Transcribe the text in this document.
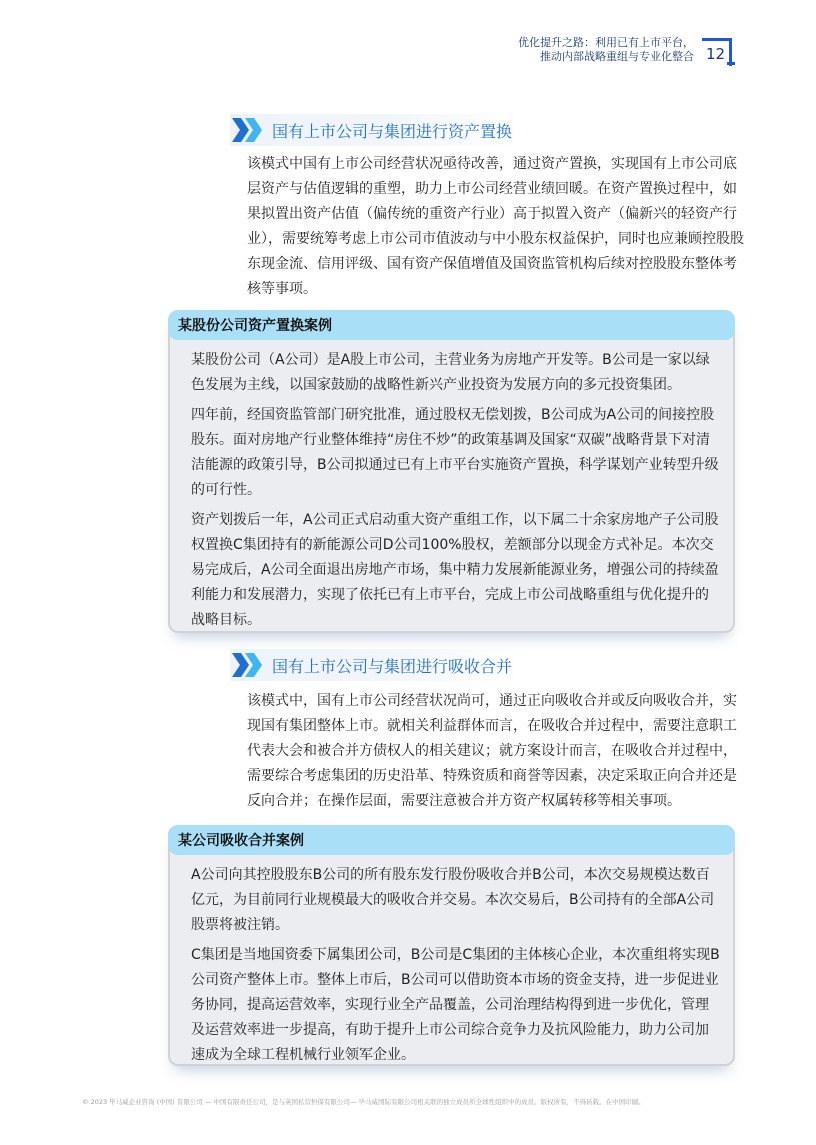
优化提升之路：利用已有上市平台，
推动内部战略重组与专业化整合 12
国有上市公司与集团进行资产置换

该模式中国有上市公司经营状况亟待改善，通过资产置换，实现国有上市公司底层资产与估值逻辑的重塑，助力上市公司经营业绩回暖。在资产置换过程中，如果拟置出资产估值（偏传统的重资产行业）高于拟置入资产（偏新兴的轻资产行业），需要统筹考虑上市公司市值波动与中小股东权益保护，同时也应兼顾控股股东现金流、信用评级、国有资产保值增值及国资监管机构后续对控股股东整体考核等事项。

某股份公司资产置换案例

某股份公司（A公司）是A股上市公司，主营业务为房地产开发等。B公司是一家以绿色发展为主线，以国家鼓励的战略性新兴产业投资为发展方向的多元投资集团。

四年前，经国资监管部门研究批准，通过股权无偿划拨，B公司成为A公司的间接控股股东。面对房地产行业整体维持“房住不炒”的政策基调及国家“双碳”战略背景下对清洁能源的政策引导，B公司拟通过已有上市平台实施资产置换，科学谋划产业转型升级的可行性。

资产划拨后一年，A公司正式启动重大资产重组工作，以下属二十余家房地产子公司股权置换C集团持有的新能源公司D公司100%股权，差额部分以现金方式补足。本次交易完成后，A公司全面退出房地产市场，集中精力发展新能源业务，增强公司的持续盈利能力和发展潜力，实现了依托已有上市平台，完成上市公司战略重组与优化提升的战略目标。

国有上市公司与集团进行吸收合并

该模式中，国有上市公司经营状况尚可，通过正向吸收合并或反向吸收合并，实现国有集团整体上市。就相关利益群体而言，在吸收合并过程中，需要注意职工代表大会和被合并方债权人的相关建议；就方案设计而言，在吸收合并过程中，需要综合考虑集团的历史沿革、特殊资质和商誉等因素，决定采取正向合并还是反向合并；在操作层面，需要注意被合并方资产权属转移等相关事项。

某公司吸收合并案例

A公司向其控股股东B公司的所有股东发行股份吸收合并B公司，本次交易规模达数百亿元，为目前同行业规模最大的吸收合并交易。本次交易后，B公司持有的全部A公司股票将被注销。

C集团是当地国资委下属集团公司，B公司是C集团的主体核心企业，本次重组将实现B公司资产整体上市。整体上市后，B公司可以借助资本市场的资金支持，进一步促进业务协同，提高运营效率，实现行业全产品覆盖，公司治理结构得到进一步优化，管理及运营效率进一步提高，有助于提升上市公司综合竞争力及抗风险能力，助力公司加速成为全球工程机械行业领军企业。

© 2023 毕马威企业咨询 (中国) 有限公司 — 中国有限责任公司，是与英国私营担保有限公司— 毕马威国际有限公司相关联的独立成员所全球性组织中的成员。版权所有，不得转载。在中国印刷。
